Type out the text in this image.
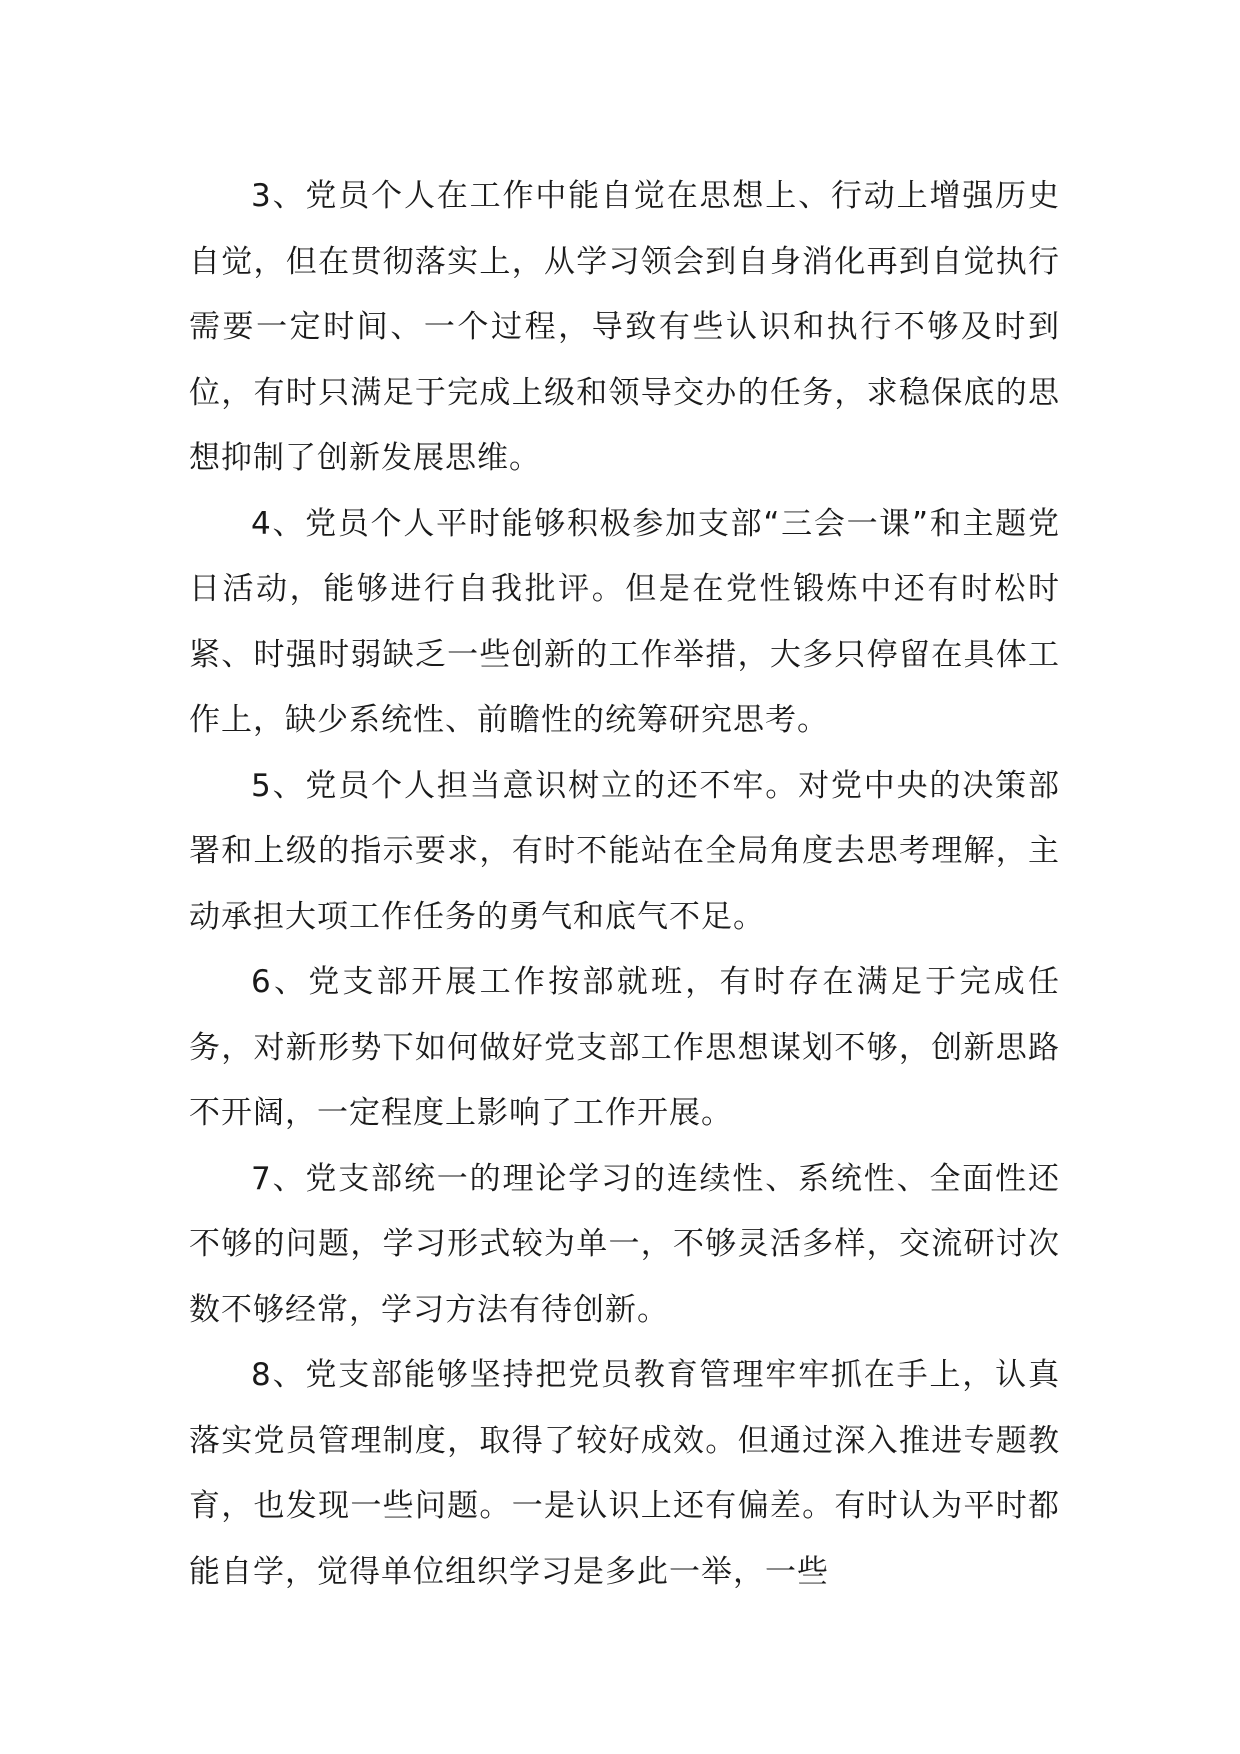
3、党员个人在工作中能自觉在思想上、行动上增强历史自觉，但在贯彻落实上，从学习领会到自身消化再到自觉执行需要一定时间、一个过程，导致有些认识和执行不够及时到位，有时只满足于完成上级和领导交办的任务，求稳保底的思想抑制了创新发展思维。

4、党员个人平时能够积极参加支部“三会一课”和主题党日活动，能够进行自我批评。但是在党性锻炼中还有时松时紧、时强时弱缺乏一些创新的工作举措，大多只停留在具体工作上，缺少系统性、前瞻性的统筹研究思考。

5、党员个人担当意识树立的还不牢。对党中央的决策部署和上级的指示要求，有时不能站在全局角度去思考理解，主动承担大项工作任务的勇气和底气不足。

6、党支部开展工作按部就班，有时存在满足于完成任务，对新形势下如何做好党支部工作思想谋划不够，创新思路不开阔，一定程度上影响了工作开展。

7、党支部统一的理论学习的连续性、系统性、全面性还不够的问题，学习形式较为单一，不够灵活多样，交流研讨次数不够经常，学习方法有待创新。

8、党支部能够坚持把党员教育管理牢牢抓在手上，认真落实党员管理制度，取得了较好成效。但通过深入推进专题教育，也发现一些问题。一是认识上还有偏差。有时认为平时都能自学，觉得单位组织学习是多此一举，一些
